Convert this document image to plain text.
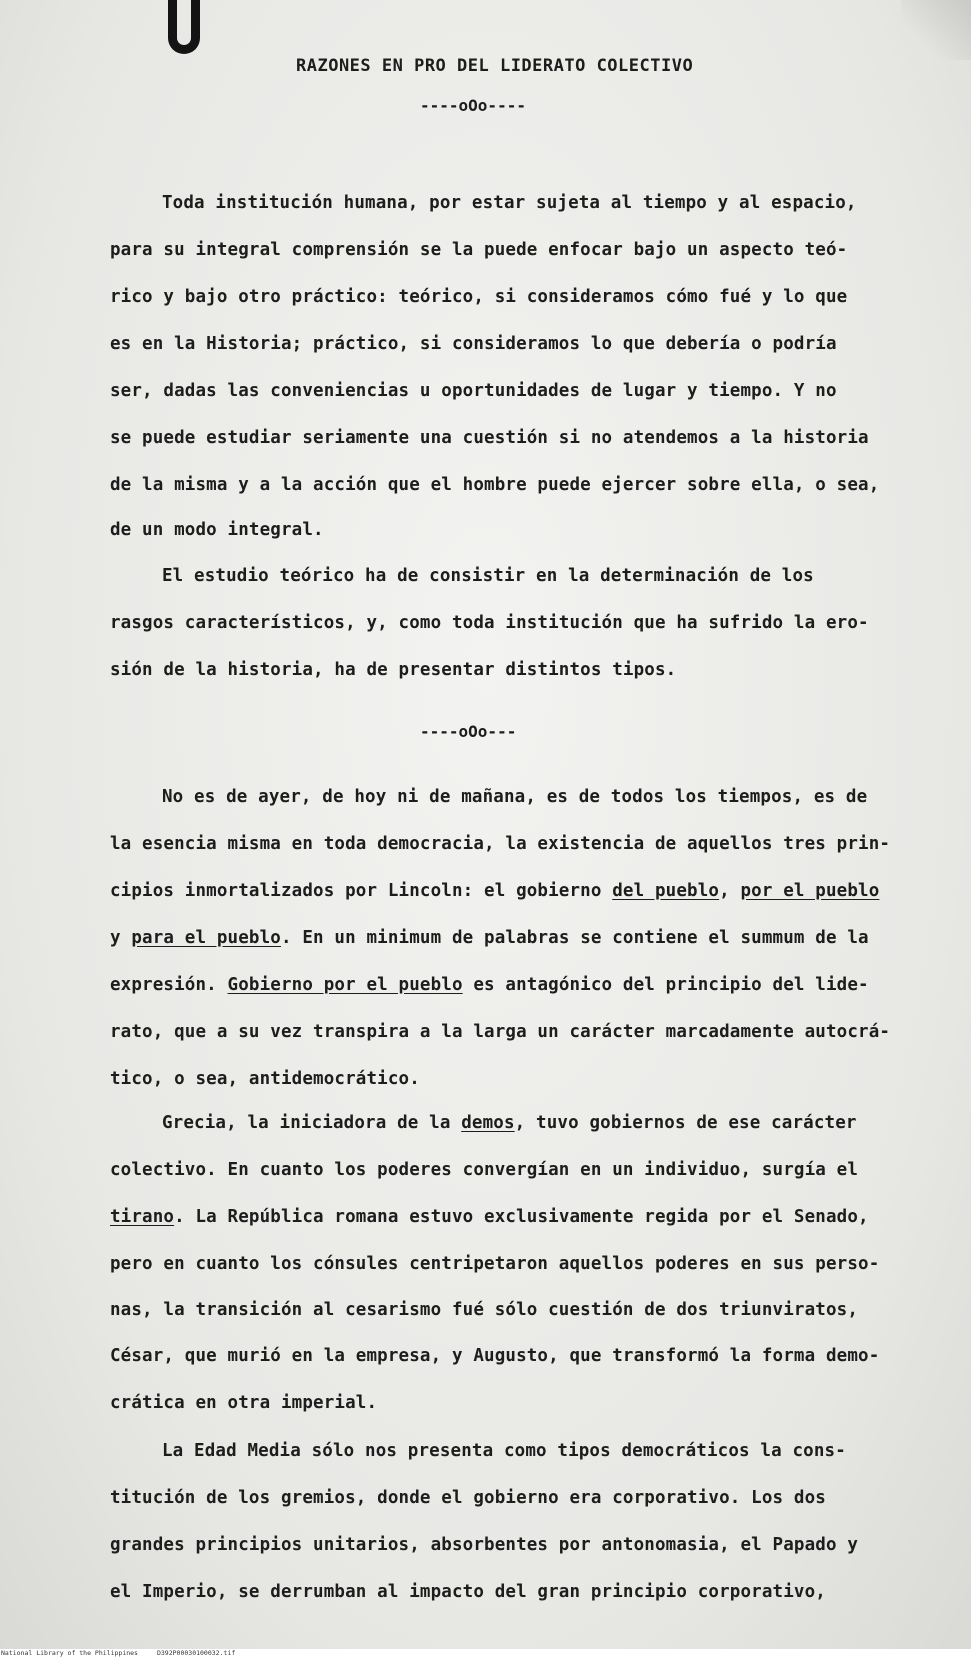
RAZONES EN PRO DEL LIDERATO COLECTIVO
----oOo----
Toda institución humana, por estar sujeta al tiempo y al espacio,
para su integral comprensión se la puede enfocar bajo un aspecto teó-
rico y bajo otro práctico: teórico, si consideramos cómo fué y lo que
es en la Historia; práctico, si consideramos lo que debería o podría
ser, dadas las conveniencias u oportunidades de lugar y tiempo. Y no
se puede estudiar seriamente una cuestión si no atendemos a la historia
de la misma y a la acción que el hombre puede ejercer sobre ella, o sea,
de un modo integral.
El estudio teórico ha de consistir en la determinación de los
rasgos característicos, y, como toda institución que ha sufrido la ero-
sión de la historia, ha de presentar distintos tipos.
----oOo---
No es de ayer, de hoy ni de mañana, es de todos los tiempos, es de
la esencia misma en toda democracia, la existencia de aquellos tres prin-
cipios inmortalizados por Lincoln: el gobierno del pueblo, por el pueblo
y para el pueblo. En un minimum de palabras se contiene el summum de la
expresión. Gobierno por el pueblo es antagónico del principio del lide-
rato, que a su vez transpira a la larga un carácter marcadamente autocrá-
tico, o sea, antidemocrático.
Grecia, la iniciadora de la demos, tuvo gobiernos de ese carácter
colectivo. En cuanto los poderes convergían en un individuo, surgía el
tirano. La República romana estuvo exclusivamente regida por el Senado,
pero en cuanto los cónsules centripetaron aquellos poderes en sus perso-
nas, la transición al cesarismo fué sólo cuestión de dos triunviratos,
César, que murió en la empresa, y Augusto, que transformó la forma demo-
crática en otra imperial.
La Edad Media sólo nos presenta como tipos democráticos la cons-
titución de los gremios, donde el gobierno era corporativo. Los dos
grandes principios unitarios, absorbentes por antonomasia, el Papado y
el Imperio, se derrumban al impacto del gran principio corporativo,
National Library of the Philippines	D392P00030100032.tif
